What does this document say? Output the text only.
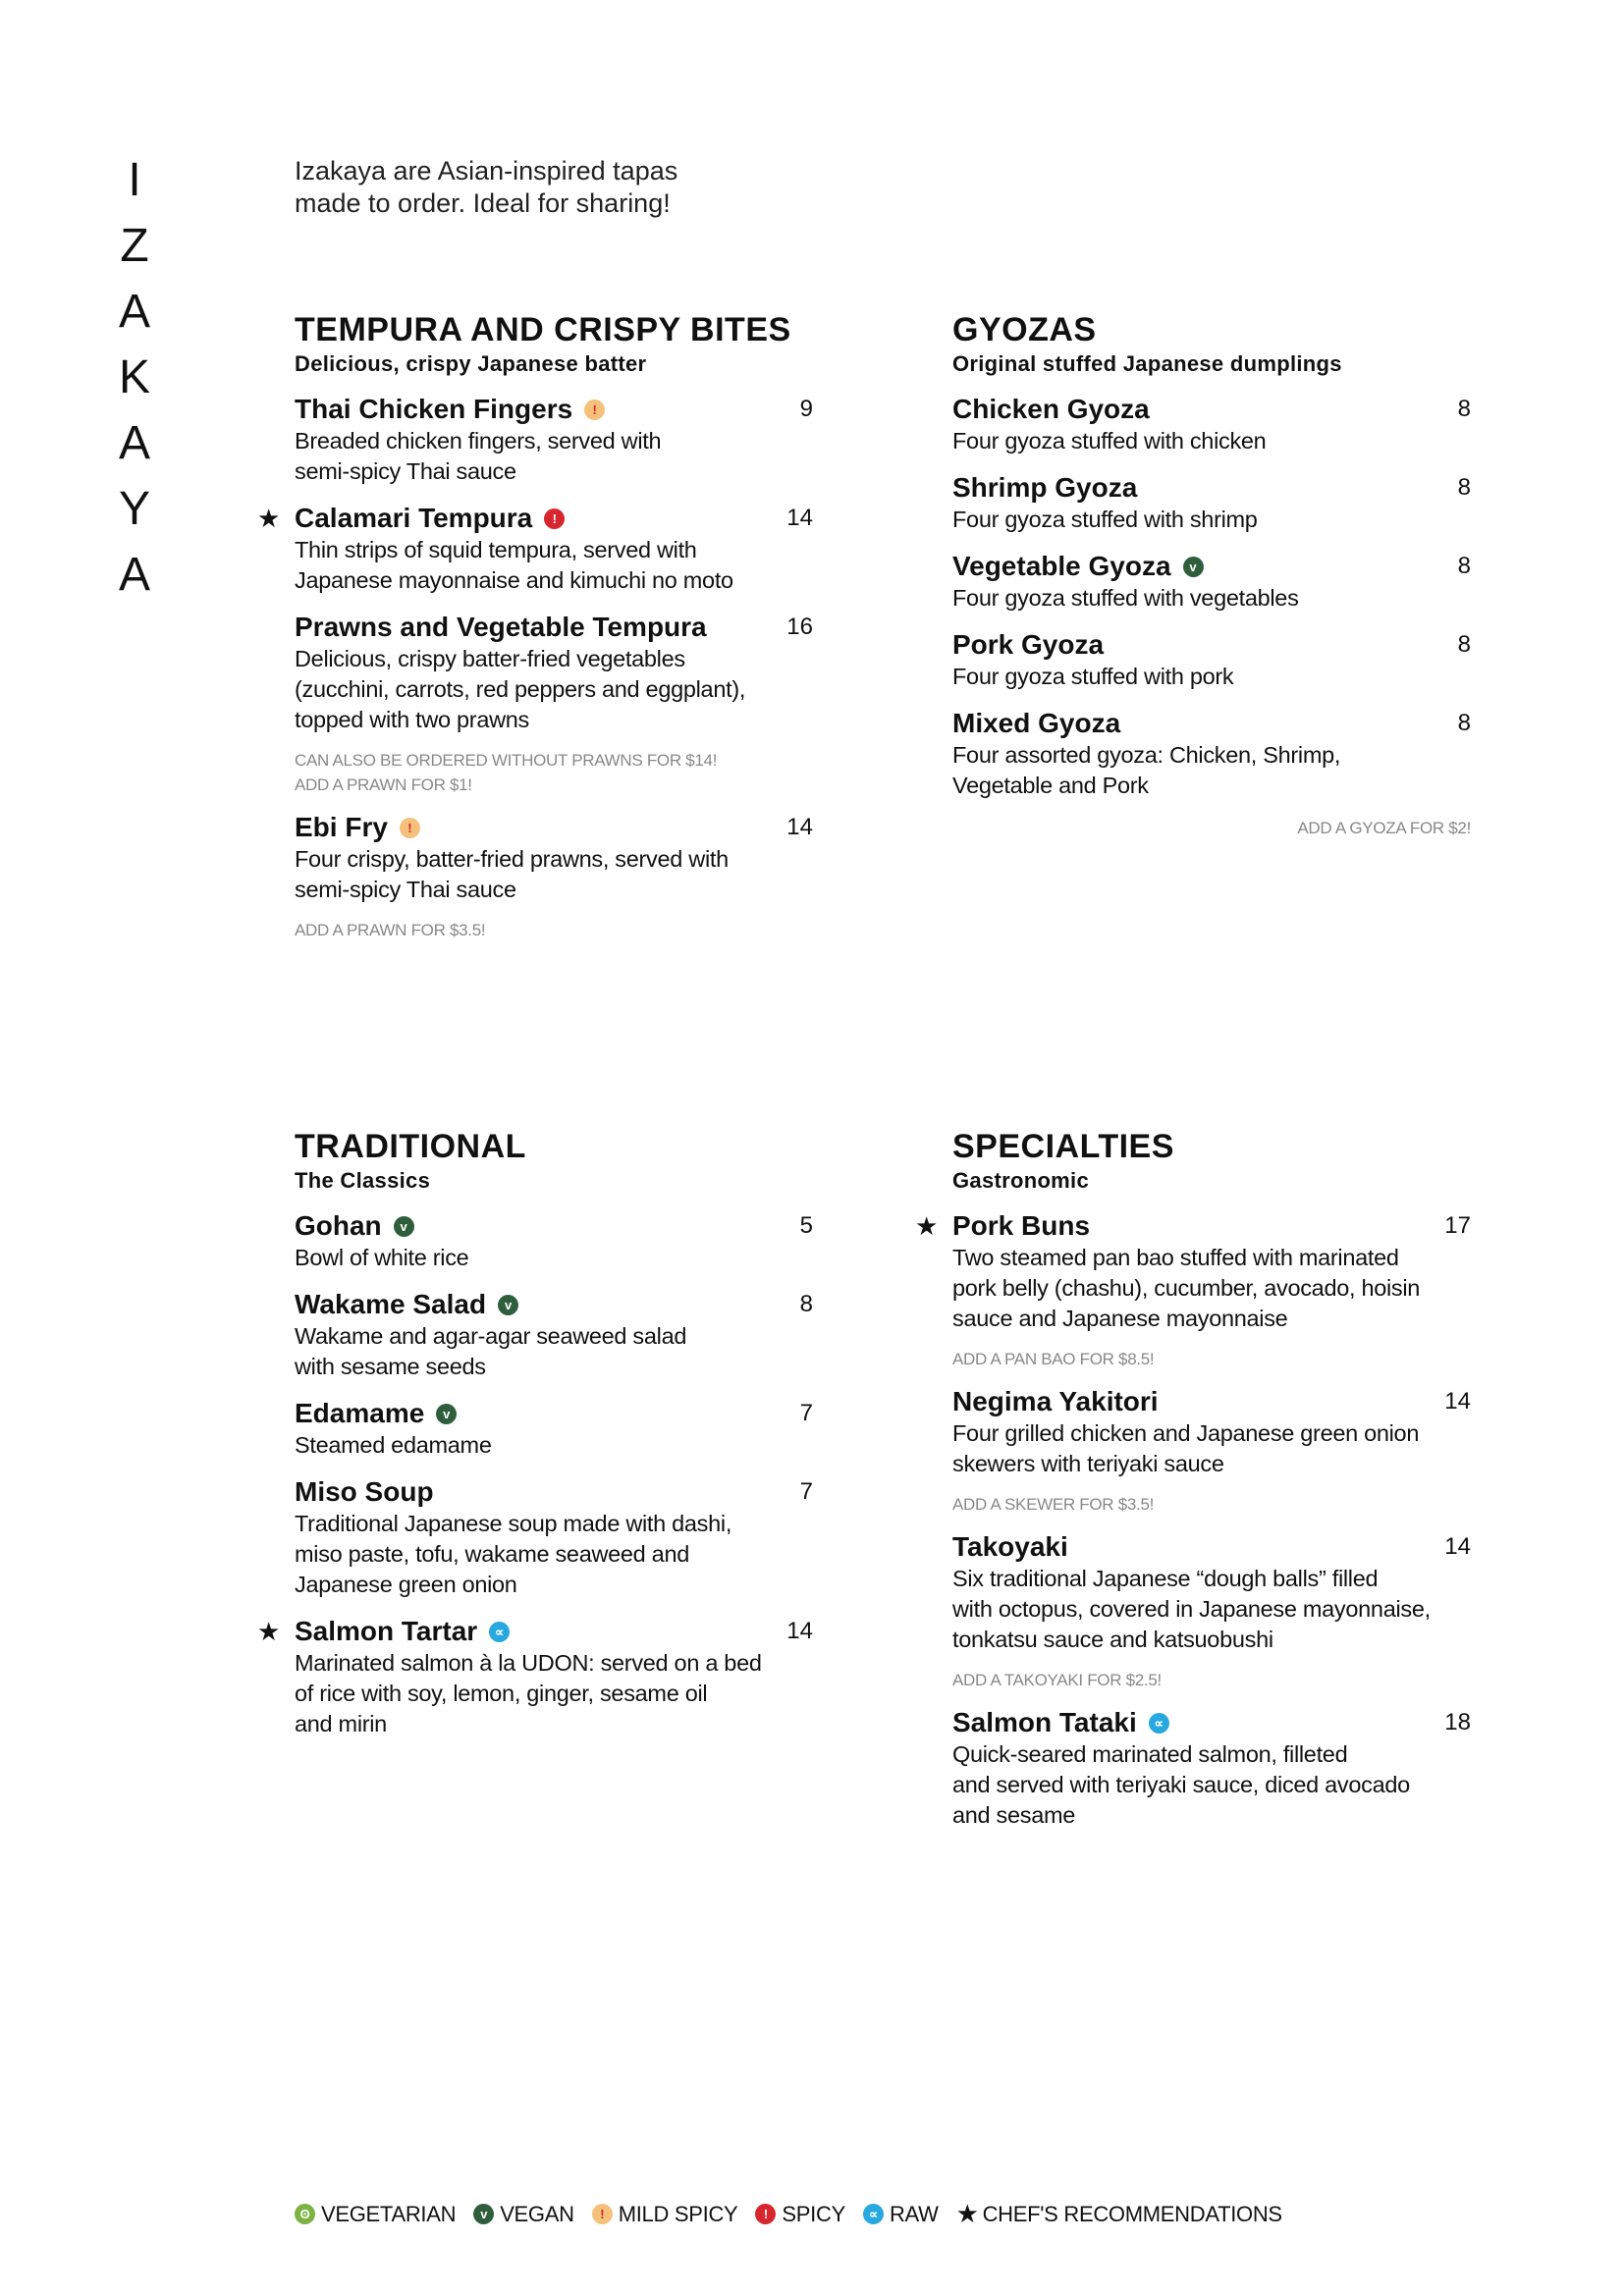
I
Z
A
K
A
Y
A
Izakaya are Asian-inspired tapas
made to order. Ideal for sharing!
TEMPURA AND CRISPY BITES
Delicious, crispy Japanese batter
Thai Chicken Fingers	!	9
Breaded chicken fingers, served with
semi-spicy Thai sauce
★ Calamari Tempura	!	14
Thin strips of squid tempura, served with
Japanese mayonnaise and kimuchi no moto
Prawns and Vegetable Tempura	16
Delicious, crispy batter-fried vegetables
(zucchini, carrots, red peppers and eggplant),
topped with two prawns
CAN ALSO BE ORDERED WITHOUT PRAWNS FOR $14!
ADD A PRAWN FOR $1!
Ebi Fry	!	14
Four crispy, batter-fried prawns, served with
semi-spicy Thai sauce
ADD A PRAWN FOR $3.5!
GYOZAS
Original stuffed Japanese dumplings
Chicken Gyoza	8
Four gyoza stuffed with chicken
Shrimp Gyoza	8
Four gyoza stuffed with shrimp
Vegetable Gyoza	v	8
Four gyoza stuffed with vegetables
Pork Gyoza	8
Four gyoza stuffed with pork
Mixed Gyoza	8
Four assorted gyoza: Chicken, Shrimp,
Vegetable and Pork
ADD A GYOZA FOR $2!
TRADITIONAL
The Classics
Gohan	v	5
Bowl of white rice
Wakame Salad	v	8
Wakame and agar-agar seaweed salad
with sesame seeds
Edamame	v	7
Steamed edamame
Miso Soup	7
Traditional Japanese soup made with dashi,
miso paste, tofu, wakame seaweed and
Japanese green onion
★ Salmon Tartar	∝	14
Marinated salmon à la UDON: served on a bed
of rice with soy, lemon, ginger, sesame oil
and mirin
SPECIALTIES
Gastronomic
★ Pork Buns	17
Two steamed pan bao stuffed with marinated
pork belly (chashu), cucumber, avocado, hoisin
sauce and Japanese mayonnaise
ADD A PAN BAO FOR $8.5!
Negima Yakitori	14
Four grilled chicken and Japanese green onion
skewers with teriyaki sauce
ADD A SKEWER FOR $3.5!
Takoyaki	14
Six traditional Japanese “dough balls” filled
with octopus, covered in Japanese mayonnaise,
tonkatsu sauce and katsuobushi
ADD A TAKOYAKI FOR $2.5!
Salmon Tataki	∝	18
Quick-seared marinated salmon, filleted
and served with teriyaki sauce, diced avocado
and sesame
ʘ VEGETARIAN	v VEGAN	! MILD SPICY	! SPICY	∝ RAW ★ CHEF'S RECOMMENDATIONS
